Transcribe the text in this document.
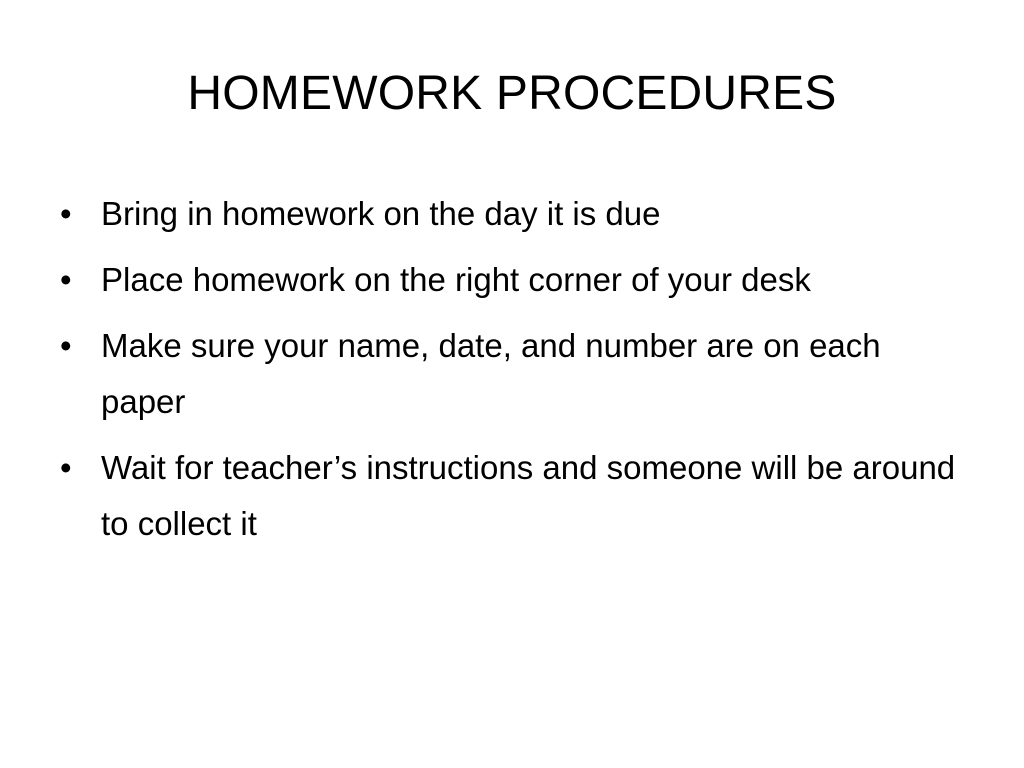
HOMEWORK PROCEDURES
• Bring in homework on the day it is due
• Place homework on the right corner of your desk
• Make sure your name, date, and number are on each paper
• Wait for teacher’s instructions and someone will be around to collect it
